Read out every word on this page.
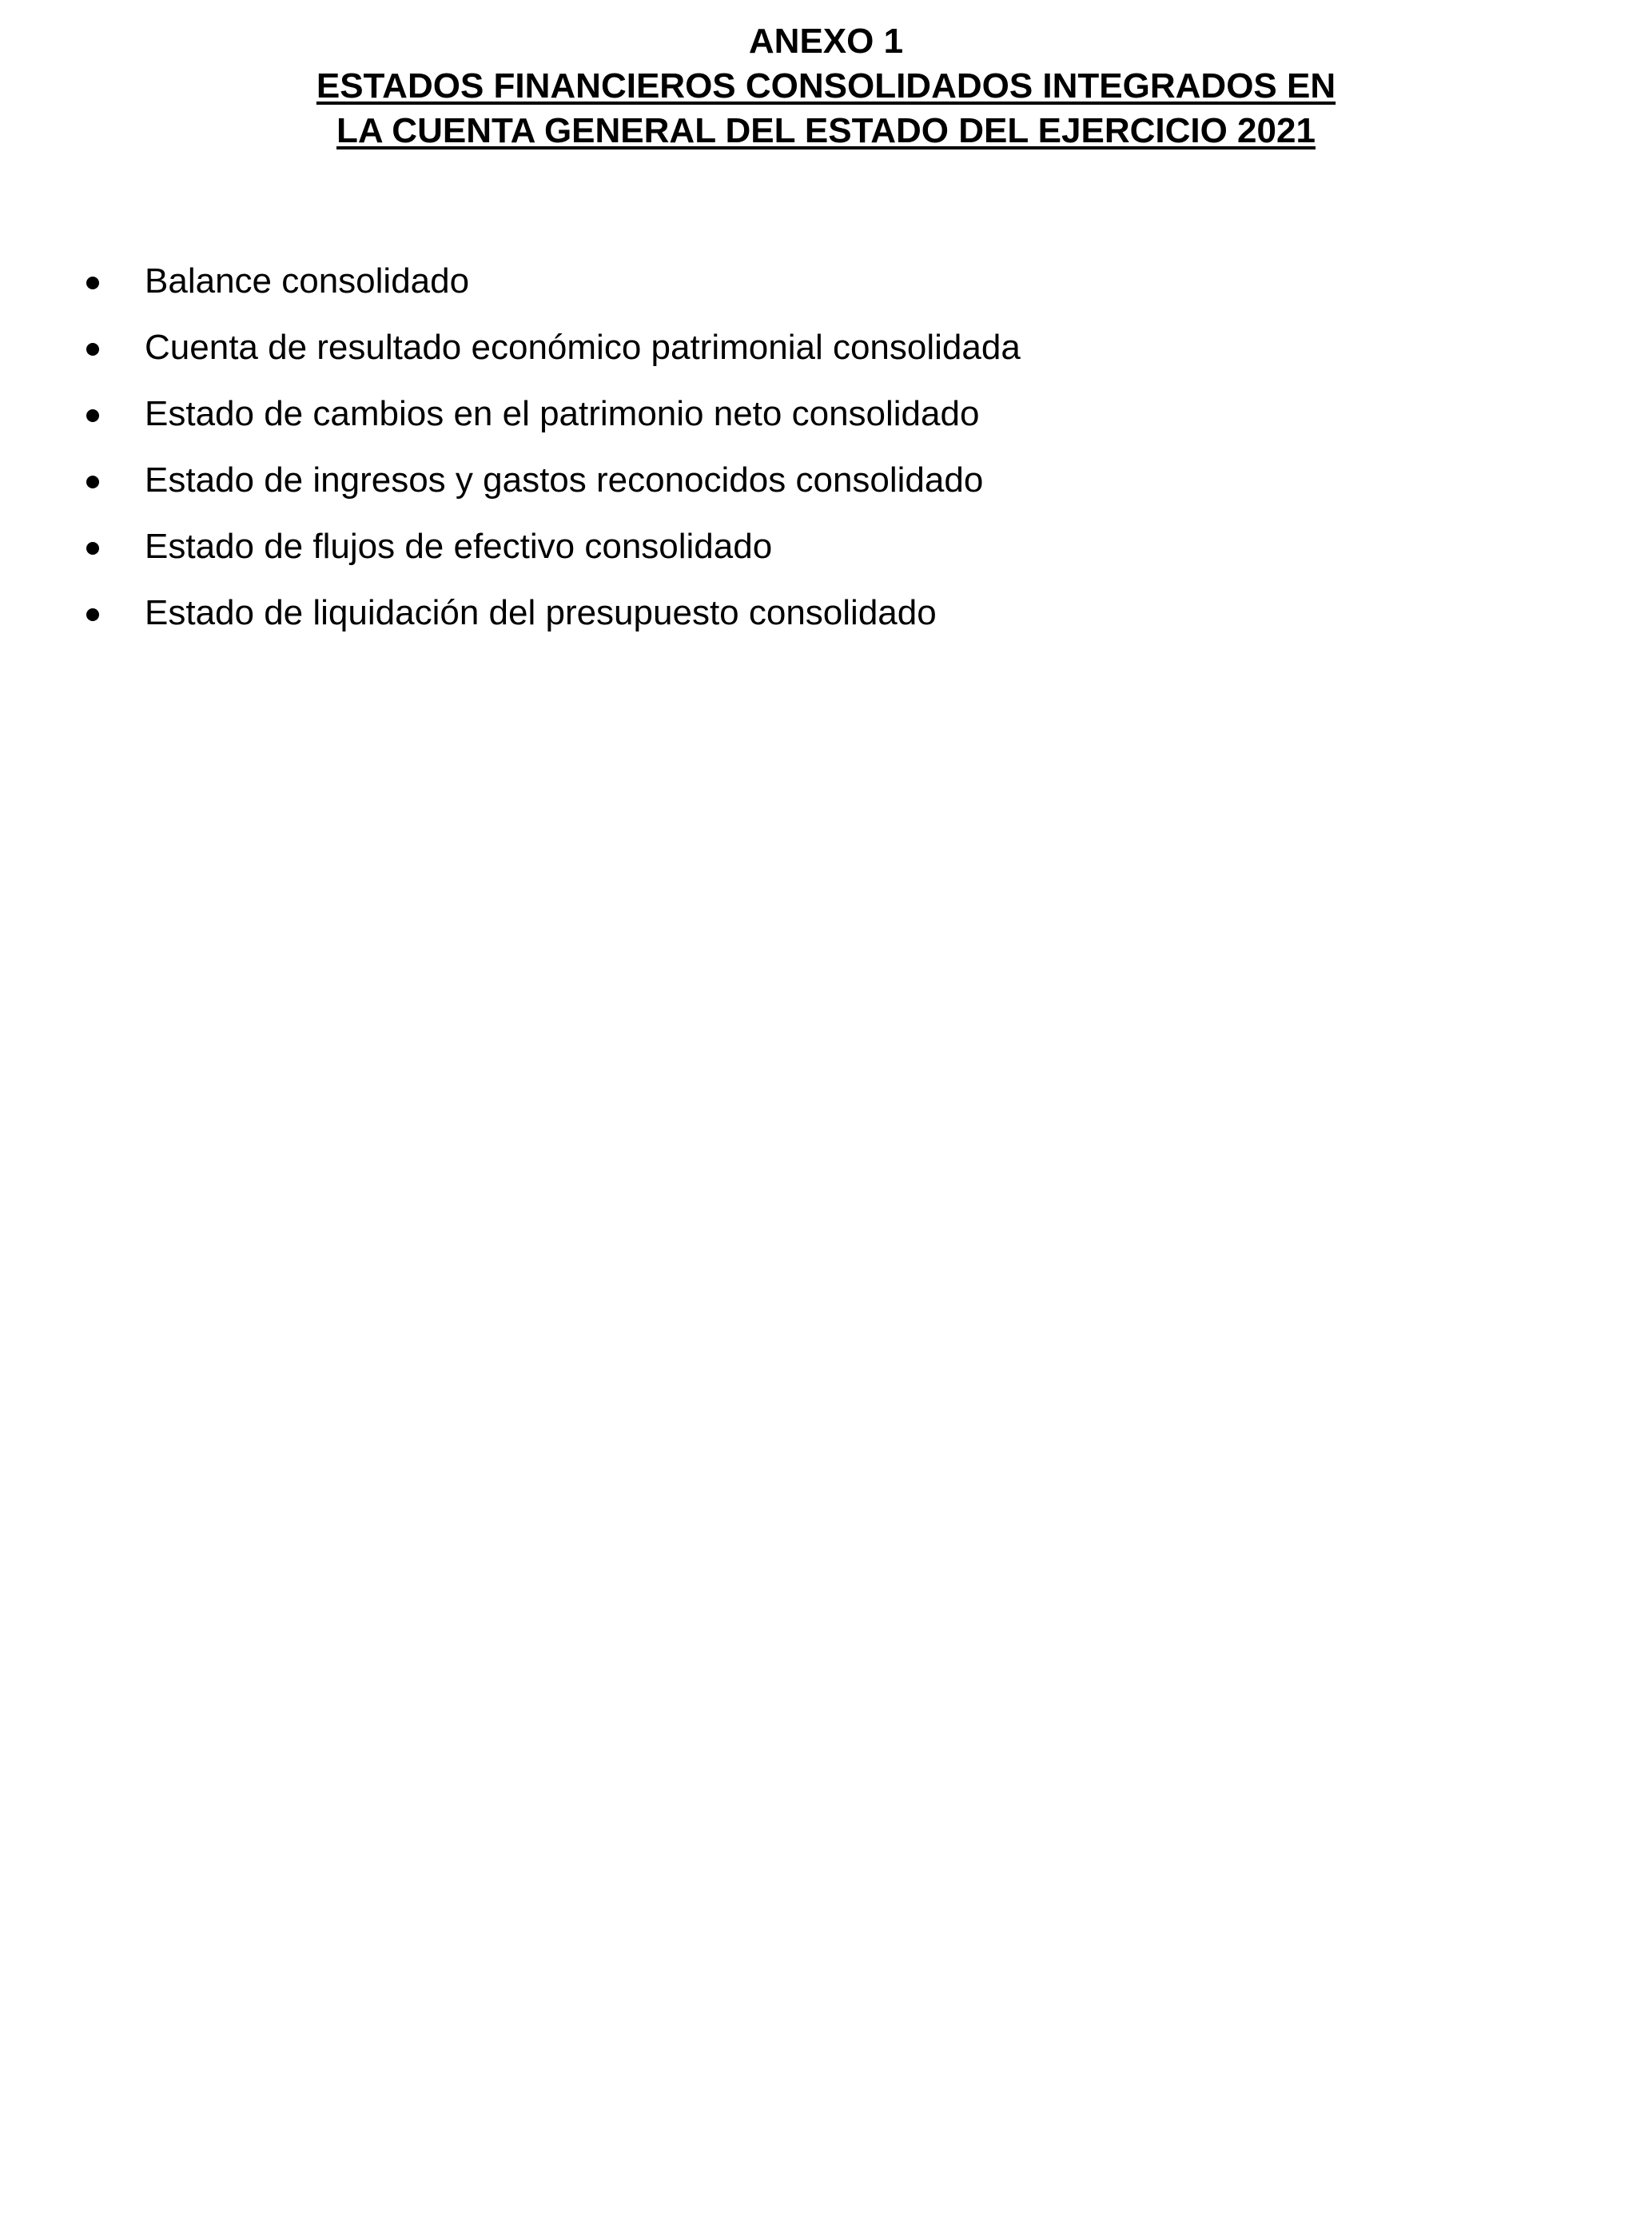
ANEXO 1
ESTADOS FINANCIEROS CONSOLIDADOS INTEGRADOS EN
LA CUENTA GENERAL DEL ESTADO DEL EJERCICIO 2021
Balance consolidado
Cuenta de resultado económico patrimonial consolidada
Estado de cambios en el patrimonio neto consolidado
Estado de ingresos y gastos reconocidos consolidado
Estado de flujos de efectivo consolidado
Estado de liquidación del presupuesto consolidado
